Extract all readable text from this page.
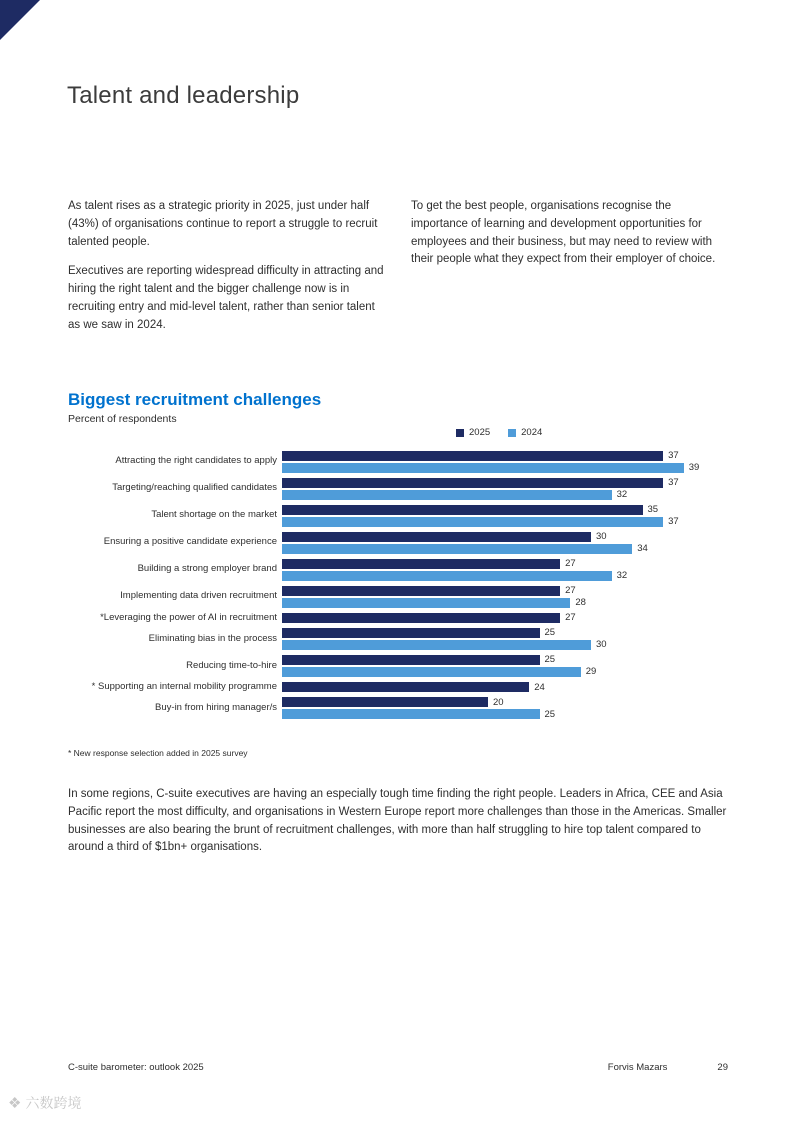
Talent and leadership

As talent rises as a strategic priority in 2025, just under half (43%) of organisations continue to report a struggle to recruit talented people.

Executives are reporting widespread difficulty in attracting and hiring the right talent and the bigger challenge now is in recruiting entry and mid-level talent, rather than senior talent as we saw in 2024.

To get the best people, organisations recognise the importance of learning and development opportunities for employees and their business, but may need to review with their people what they expect from their employer of choice.

Biggest recruitment challenges
Percent of respondents
2025	2024
Attracting the right candidates to apply	37
39
Targeting/reaching qualified candidates	37
32
Talent shortage on the market	35
37
Ensuring a positive candidate experience	30
34
Building a strong employer brand	27
32
Implementing data driven recruitment	27
28
*Leveraging the power of AI in recruitment	27
Eliminating bias in the process	25
30
Reducing time-to-hire	25
29
* Supporting an internal mobility programme	24
Buy-in from hiring manager/s	20
25
* New response selection added in 2025 survey

In some regions, C-suite executives are having an especially tough time finding the right people. Leaders in Africa, CEE and Asia Pacific report the most difficulty, and organisations in Western Europe report more challenges than those in the Americas. Smaller businesses are also bearing the brunt of recruitment challenges, with more than half struggling to hire top talent compared to around a third of $1bn+ organisations.

C-suite barometer: outlook 2025	Forvis Mazars	29
❖ 六数跨境
